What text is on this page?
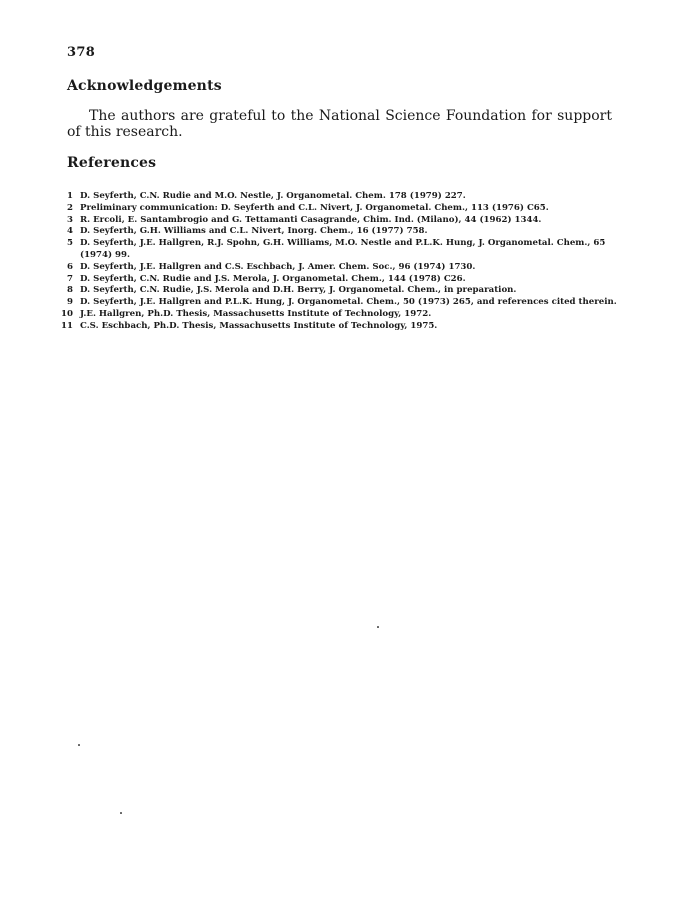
378
Acknowledgements

The authors are grateful to the National Science Foundation for support of this research.

References
1 D. Seyferth, C.N. Rudie and M.O. Nestle, J. Organometal. Chem. 178 (1979) 227.
2 Preliminary communication: D. Seyferth and C.L. Nivert, J. Organometal. Chem., 113 (1976) C65.
3 R. Ercoli, E. Santambrogio and G. Tettamanti Casagrande, Chim. Ind. (Milano), 44 (1962) 1344.
4 D. Seyferth, G.H. Williams and C.L. Nivert, Inorg. Chem., 16 (1977) 758.
5 D. Seyferth, J.E. Hallgren, R.J. Spohn, G.H. Williams, M.O. Nestle and P.L.K. Hung, J. Organometal. Chem., 65 (1974) 99.
6 D. Seyferth, J.E. Hallgren and C.S. Eschbach, J. Amer. Chem. Soc., 96 (1974) 1730.
7 D. Seyferth, C.N. Rudie and J.S. Merola, J. Organometal. Chem., 144 (1978) C26.
8 D. Seyferth, C.N. Rudie, J.S. Merola and D.H. Berry, J. Organometal. Chem., in preparation.
9 D. Seyferth, J.E. Hallgren and P.L.K. Hung, J. Organometal. Chem., 50 (1973) 265, and references cited therein.
10 J.E. Hallgren, Ph.D. Thesis, Massachusetts Institute of Technology, 1972.
11 C.S. Eschbach, Ph.D. Thesis, Massachusetts Institute of Technology, 1975.
